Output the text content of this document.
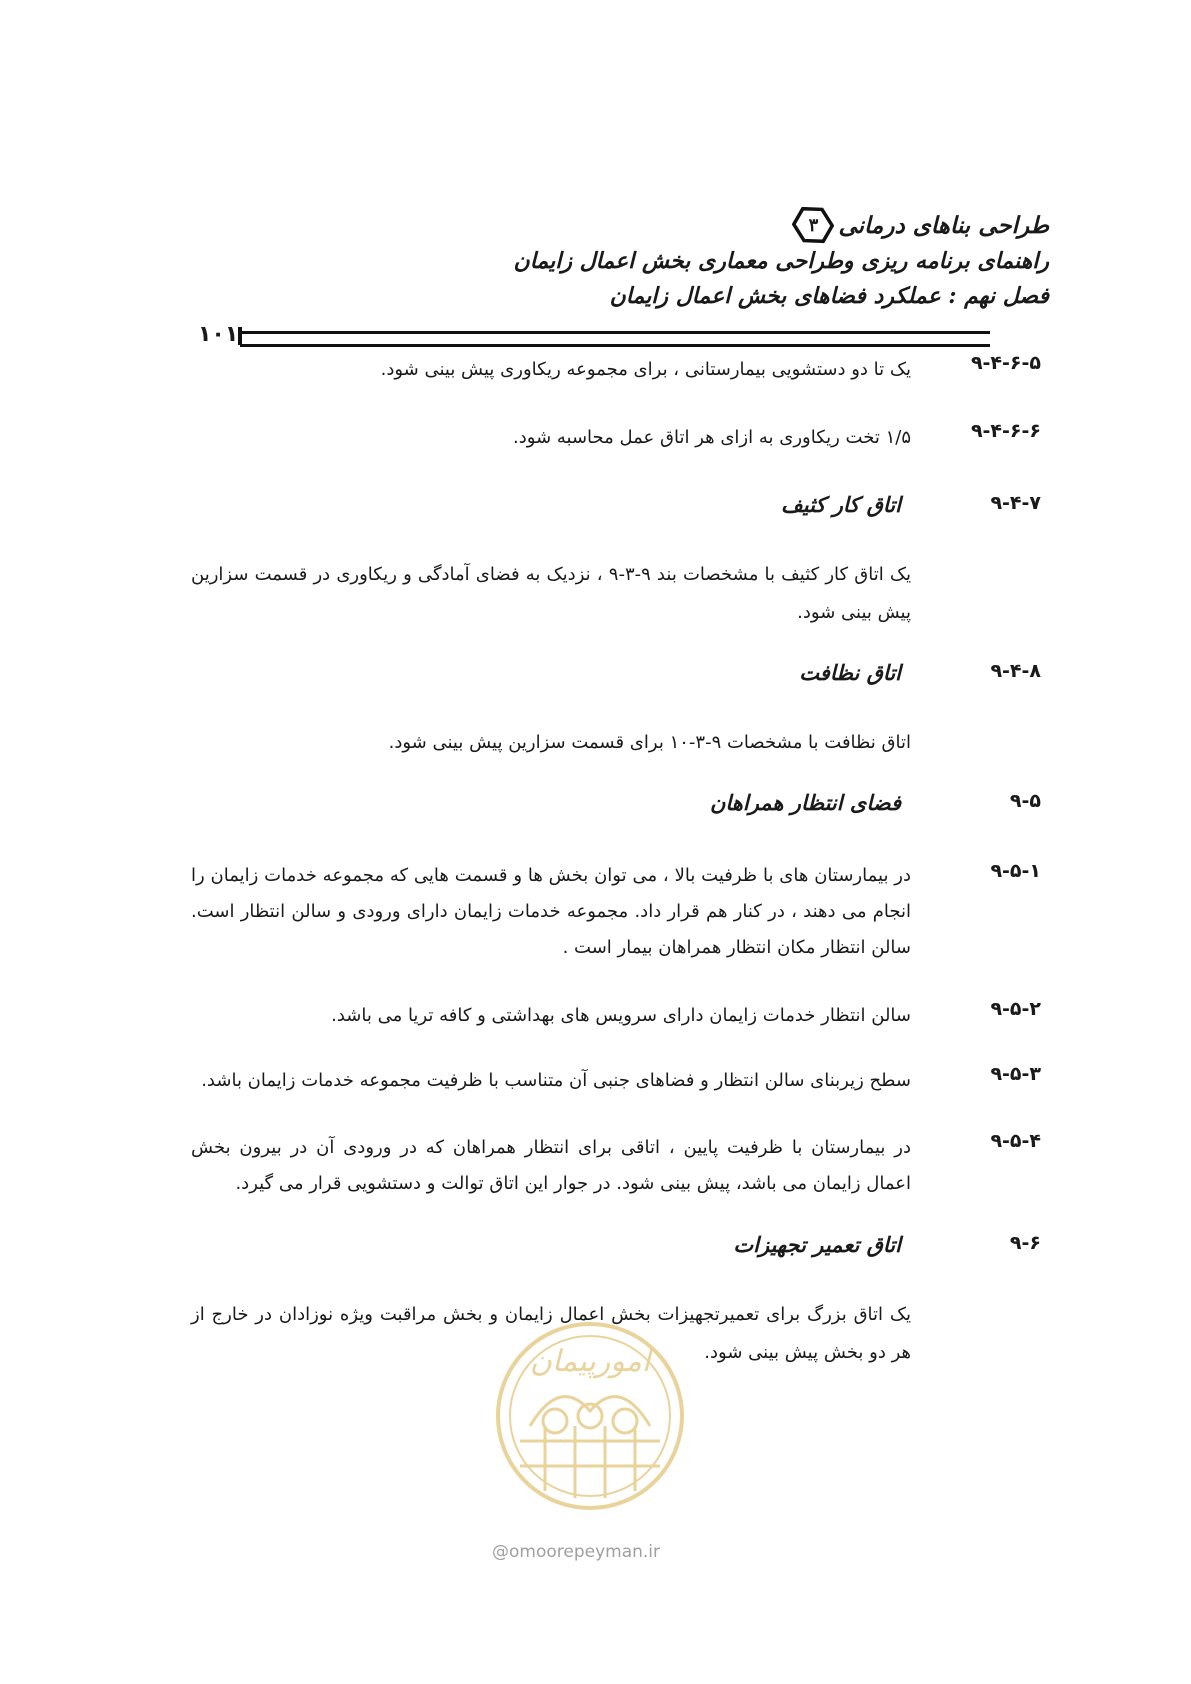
طراحی بناهای درمانی
۳
راهنمای برنامه ریزی وطراحی معماری بخش اعمال زایمان
فصل نهم : عملکرد فضاهای بخش اعمال زایمان
۱۰۱
۹-۴-۶-۵
یک تا دو دستشویی بیمارستانی ، برای مجموعه ریکاوری پیش بینی شود.
۹-۴-۶-۶
۱/۵ تخت ریکاوری به ازای هر اتاق عمل محاسبه شود.
۹-۴-۷
اتاق کار کثیف
یک اتاق کار کثیف با مشخصات بند ۹-۳-۹ ، نزدیک به فضای آمادگی و ریکاوری در قسمت سزارین پیش بینی شود.
۹-۴-۸
اتاق نظافت
اتاق نظافت با مشخصات ۹-۳-۱۰ برای قسمت سزارین پیش بینی شود.
۹-۵
فضای انتظار همراهان
۹-۵-۱
در بیمارستان های با ظرفیت بالا ، می توان بخش ها و قسمت هایی که مجموعه خدمات زایمان را انجام می دهند ، در کنار هم قرار داد. مجموعه خدمات زایمان دارای ورودی و سالن انتظار است. سالن انتظار مکان انتظار همراهان بیمار است .
۹-۵-۲
سالن انتظار خدمات زایمان دارای سرویس های بهداشتی و کافه تریا می باشد.
۹-۵-۳
سطح زیربنای سالن انتظار و فضاهای جنبی آن متناسب با ظرفیت مجموعه خدمات زایمان باشد.
۹-۵-۴
در بیمارستان با ظرفیت پایین ، اتاقی برای انتظار همراهان که در ورودی آن در بیرون بخش اعمال زایمان می باشد، پیش بینی شود. در جوار این اتاق توالت و دستشویی قرار می گیرد.
۹-۶
اتاق تعمیر تجهیزات
یک اتاق بزرگ برای تعمیرتجهیزات بخش اعمال زایمان و بخش مراقبت ویژه نوزادان در خارج از هر دو بخش پیش بینی شود.
امورپیمان
@omoorepeyman.ir
